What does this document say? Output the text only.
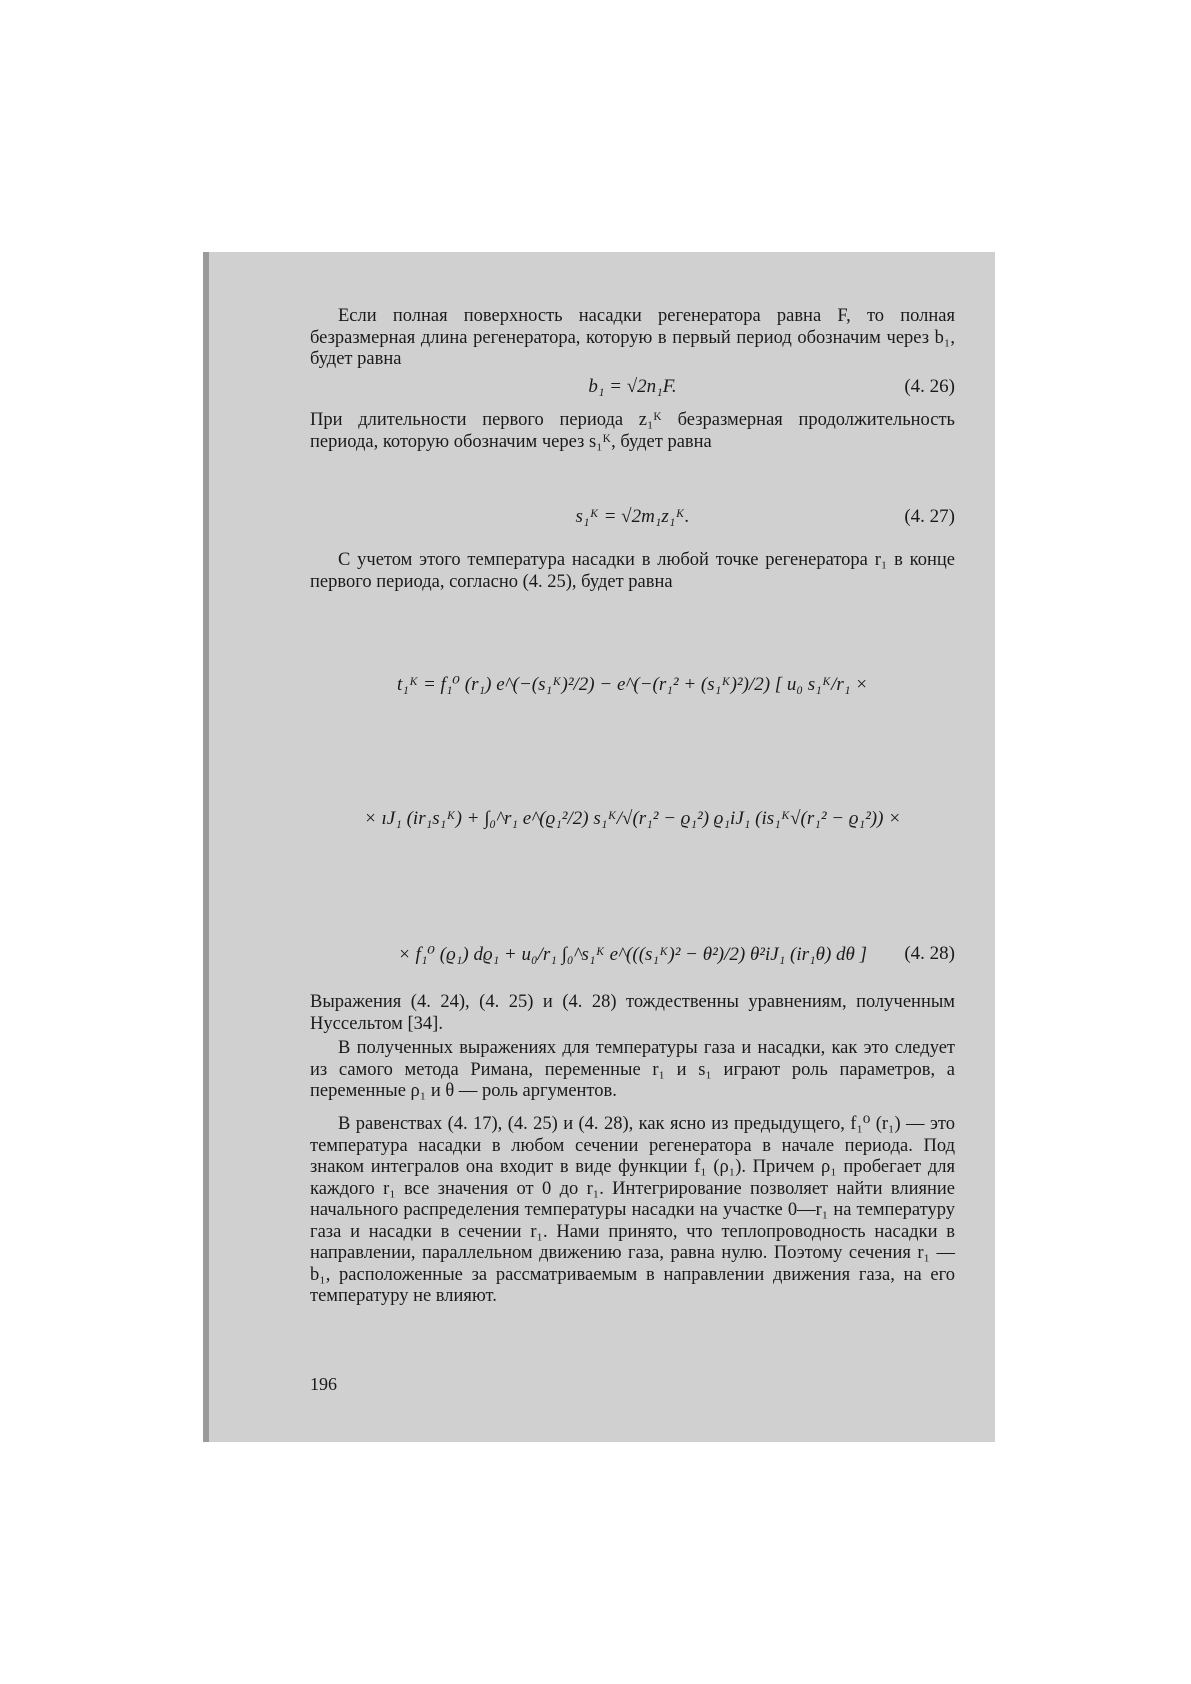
Если полная поверхность насадки регенератора равна F, то полная безразмерная длина регенератора, которую в первый период обозначим через b₁, будет равна

b₁ = √2n₁F.	(4. 26)

При длительности первого периода z₁ᴷ безразмерная продолжительность периода, которую обозначим через s₁ᴷ, будет равна

s₁ᴷ = √2m₁z₁ᴷ.	(4. 27)

С учетом этого температура насадки в любой точке регенератора r₁ в конце первого периода, согласно (4. 25), будет равна

t₁ᴷ = f₁⁰ (r₁) e^(−(s₁ᴷ)²/2) − e^(−(r₁² + (s₁ᴷ)²)/2) [ u₀ s₁ᴷ/r₁ ×
× ıJ₁ (ir₁s₁ᴷ) + ∫₀^r₁ e^(ϱ₁²/2) s₁ᴷ/√(r₁² − ϱ₁²) ϱ₁iJ₁ (is₁ᴷ√(r₁² − ϱ₁²)) ×
× f₁⁰ (ϱ₁) dϱ₁ + u₀/r₁ ∫₀^s₁ᴷ e^(((s₁ᴷ)² − θ²)/2) θ²iJ₁ (ir₁θ) dθ ]	(4. 28)

Выражения (4. 24), (4. 25) и (4. 28) тождественны уравнениям, полученным Нуссельтом [34].

В полученных выражениях для температуры газа и насадки, как это следует из самого метода Римана, переменные r₁ и s₁ играют роль параметров, а переменные ρ₁ и θ — роль аргументов.

В равенствах (4. 17), (4. 25) и (4. 28), как ясно из предыдущего, f₁⁰ (r₁) — это температура насадки в любом сечении регенератора в начале периода. Под знаком интегралов она входит в виде функции f₁ (ρ₁). Причем ρ₁ пробегает для каждого r₁ все значения от 0 до r₁. Интегрирование позволяет найти влияние начального распределения температуры насадки на участке 0—r₁ на температуру газа и насадки в сечении r₁. Нами принято, что теплопроводность насадки в направлении, параллельном движению газа, равна нулю. Поэтому сечения r₁ — b₁, расположенные за рассматриваемым в направлении движения газа, на его температуру не влияют.

196
